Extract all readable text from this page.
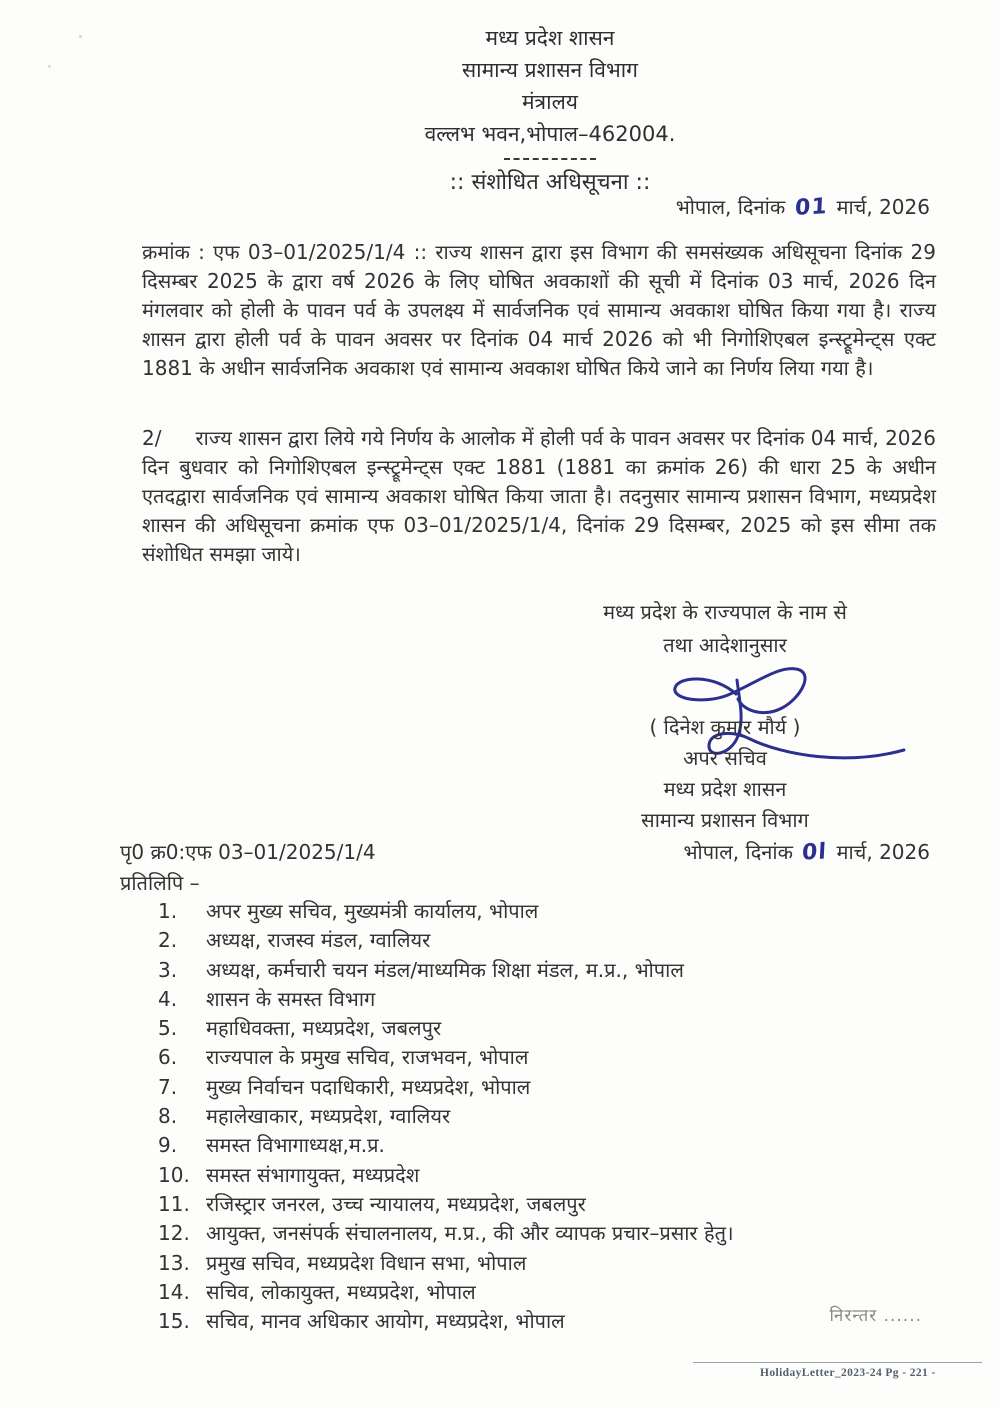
मध्य प्रदेश शासन
सामान्य प्रशासन विभाग
मंत्रालय
वल्लभ भवन,भोपाल–462004.
:: संशोधित अधिसूचना ::
भोपाल, दिनांक 01 मार्च, 2026

क्रमांक : एफ 03–01/2025/1/4 :: राज्य शासन द्वारा इस विभाग की समसंख्यक अधिसूचना दिनांक 29 दिसम्बर 2025 के द्वारा वर्ष 2026 के लिए घोषित अवकाशों की सूची में दिनांक 03 मार्च, 2026 दिन मंगलवार को होली के पावन पर्व के उपलक्ष्य में सार्वजनिक एवं सामान्य अवकाश घोषित किया गया है। राज्य शासन द्वारा होली पर्व के पावन अवसर पर दिनांक 04 मार्च 2026 को भी निगोशिएबल इन्स्ट्रूमेन्ट्स एक्ट 1881 के अधीन सार्वजनिक अवकाश एवं सामान्य अवकाश घोषित किये जाने का निर्णय लिया गया है।

2/ राज्य शासन द्वारा लिये गये निर्णय के आलोक में होली पर्व के पावन अवसर पर दिनांक 04 मार्च, 2026 दिन बुधवार को निगोशिएबल इन्स्ट्रूमेन्ट्स एक्ट 1881 (1881 का क्रमांक 26) की धारा 25 के अधीन एतदद्वारा सार्वजनिक एवं सामान्य अवकाश घोषित किया जाता है। तदनुसार सामान्य प्रशासन विभाग, मध्यप्रदेश शासन की अधिसूचना क्रमांक एफ 03–01/2025/1/4, दिनांक 29 दिसम्बर, 2025 को इस सीमा तक संशोधित समझा जाये।

मध्य प्रदेश के राज्यपाल के नाम से
तथा आदेशानुसार
( दिनेश कुमार मौर्य )
अपर सचिव
मध्य प्रदेश शासन
सामान्य प्रशासन विभाग
पृ0 क्र0:एफ 03–01/2025/1/4	भोपाल, दिनांक 0l मार्च, 2026
प्रतिलिपि –
1.	अपर मुख्य सचिव, मुख्यमंत्री कार्यालय, भोपाल
2.	अध्यक्ष, राजस्व मंडल, ग्वालियर
3.	अध्यक्ष, कर्मचारी चयन मंडल/माध्यमिक शिक्षा मंडल, म.प्र., भोपाल
4.	शासन के समस्त विभाग
5.	महाधिवक्ता, मध्यप्रदेश, जबलपुर
6.	राज्यपाल के प्रमुख सचिव, राजभवन, भोपाल
7.	मुख्य निर्वाचन पदाधिकारी, मध्यप्रदेश, भोपाल
8.	महालेखाकार, मध्यप्रदेश, ग्वालियर
9.	समस्त विभागाध्यक्ष,म.प्र.
10. समस्त संभागायुक्त, मध्यप्रदेश
11. रजिस्ट्रार जनरल, उच्च न्यायालय, मध्यप्रदेश, जबलपुर
12. आयुक्त, जनसंपर्क संचालनालय, म.प्र., की और व्यापक प्रचार–प्रसार हेतु।
13. प्रमुख सचिव, मध्यप्रदेश विधान सभा, भोपाल
14. सचिव, लोकायुक्त, मध्यप्रदेश, भोपाल
15. सचिव, मानव अधिकार आयोग, मध्यप्रदेश, भोपाल	निरन्तर ......
HolidayLetter_2023-24 Pg - 221 -
